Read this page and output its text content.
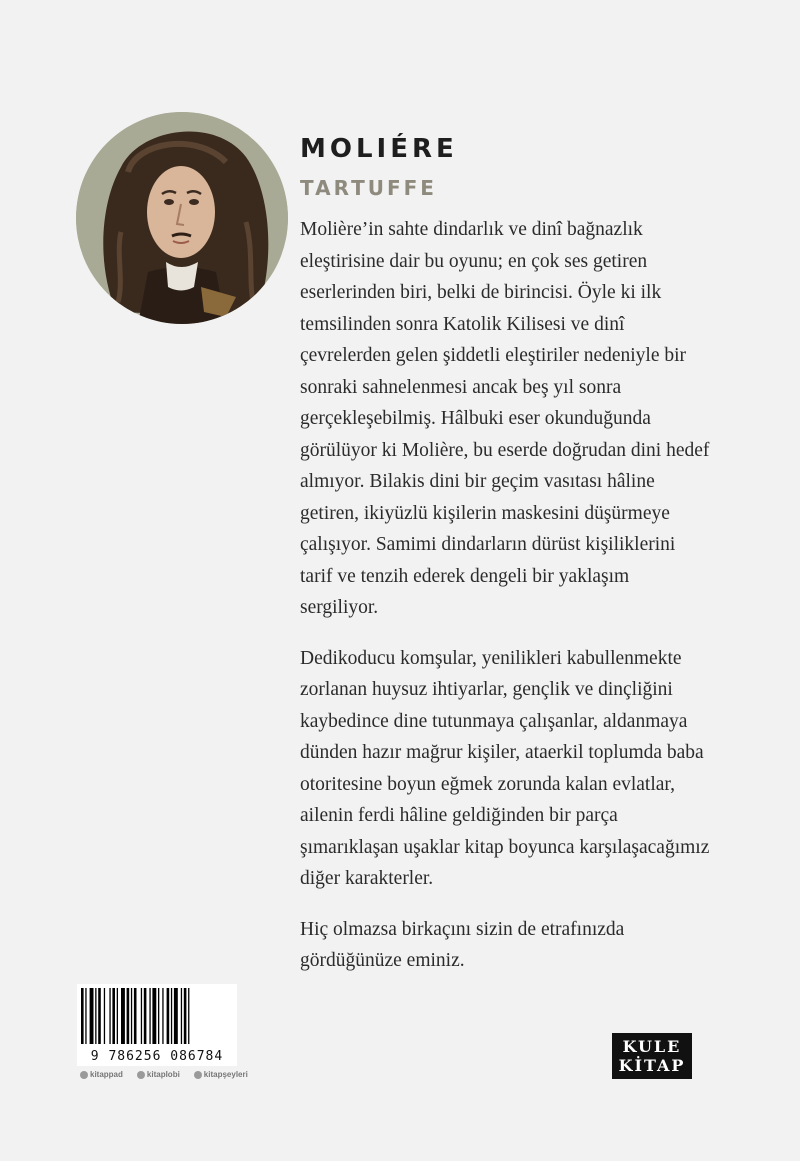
MOLIÉRE
TARTUFFE

Molière’in sahte dindarlık ve dinî bağnazlık eleştirisine dair bu oyunu; en çok ses getiren eserlerinden biri, belki de birincisi. Öyle ki ilk temsilinden sonra Katolik Kilisesi ve dinî çevrelerden gelen şiddetli eleştiriler nedeniyle bir sonraki sahnelenmesi ancak beş yıl sonra gerçekleşebilmiş. Hâlbuki eser okunduğunda görülüyor ki Molière, bu eserde doğrudan dini hedef almıyor. Bilakis dini bir geçim vasıtası hâline getiren, ikiyüzlü kişilerin maskesini düşürmeye çalışıyor. Samimi dindarların dürüst kişiliklerini tarif ve tenzih ederek dengeli bir yaklaşım sergiliyor.

Dedikoducu komşular, yenilikleri kabullenmekte zorlanan huysuz ihtiyarlar, gençlik ve dinçliğini kaybedince dine tutunmaya çalışanlar, aldanmaya dünden hazır mağrur kişiler, ataerkil toplumda baba otoritesine boyun eğmek zorunda kalan evlatlar, ailenin ferdi hâline geldiğinden bir parça şımarıklaşan uşaklar kitap boyunca karşılaşacağımız diğer karakterler.

Hiç olmazsa birkaçını sizin de etrafınızda gördüğünüze eminiz.

9 786256 086784
kitappad	kitaplobi	kitapşeyleri
KULE
KİTAP
